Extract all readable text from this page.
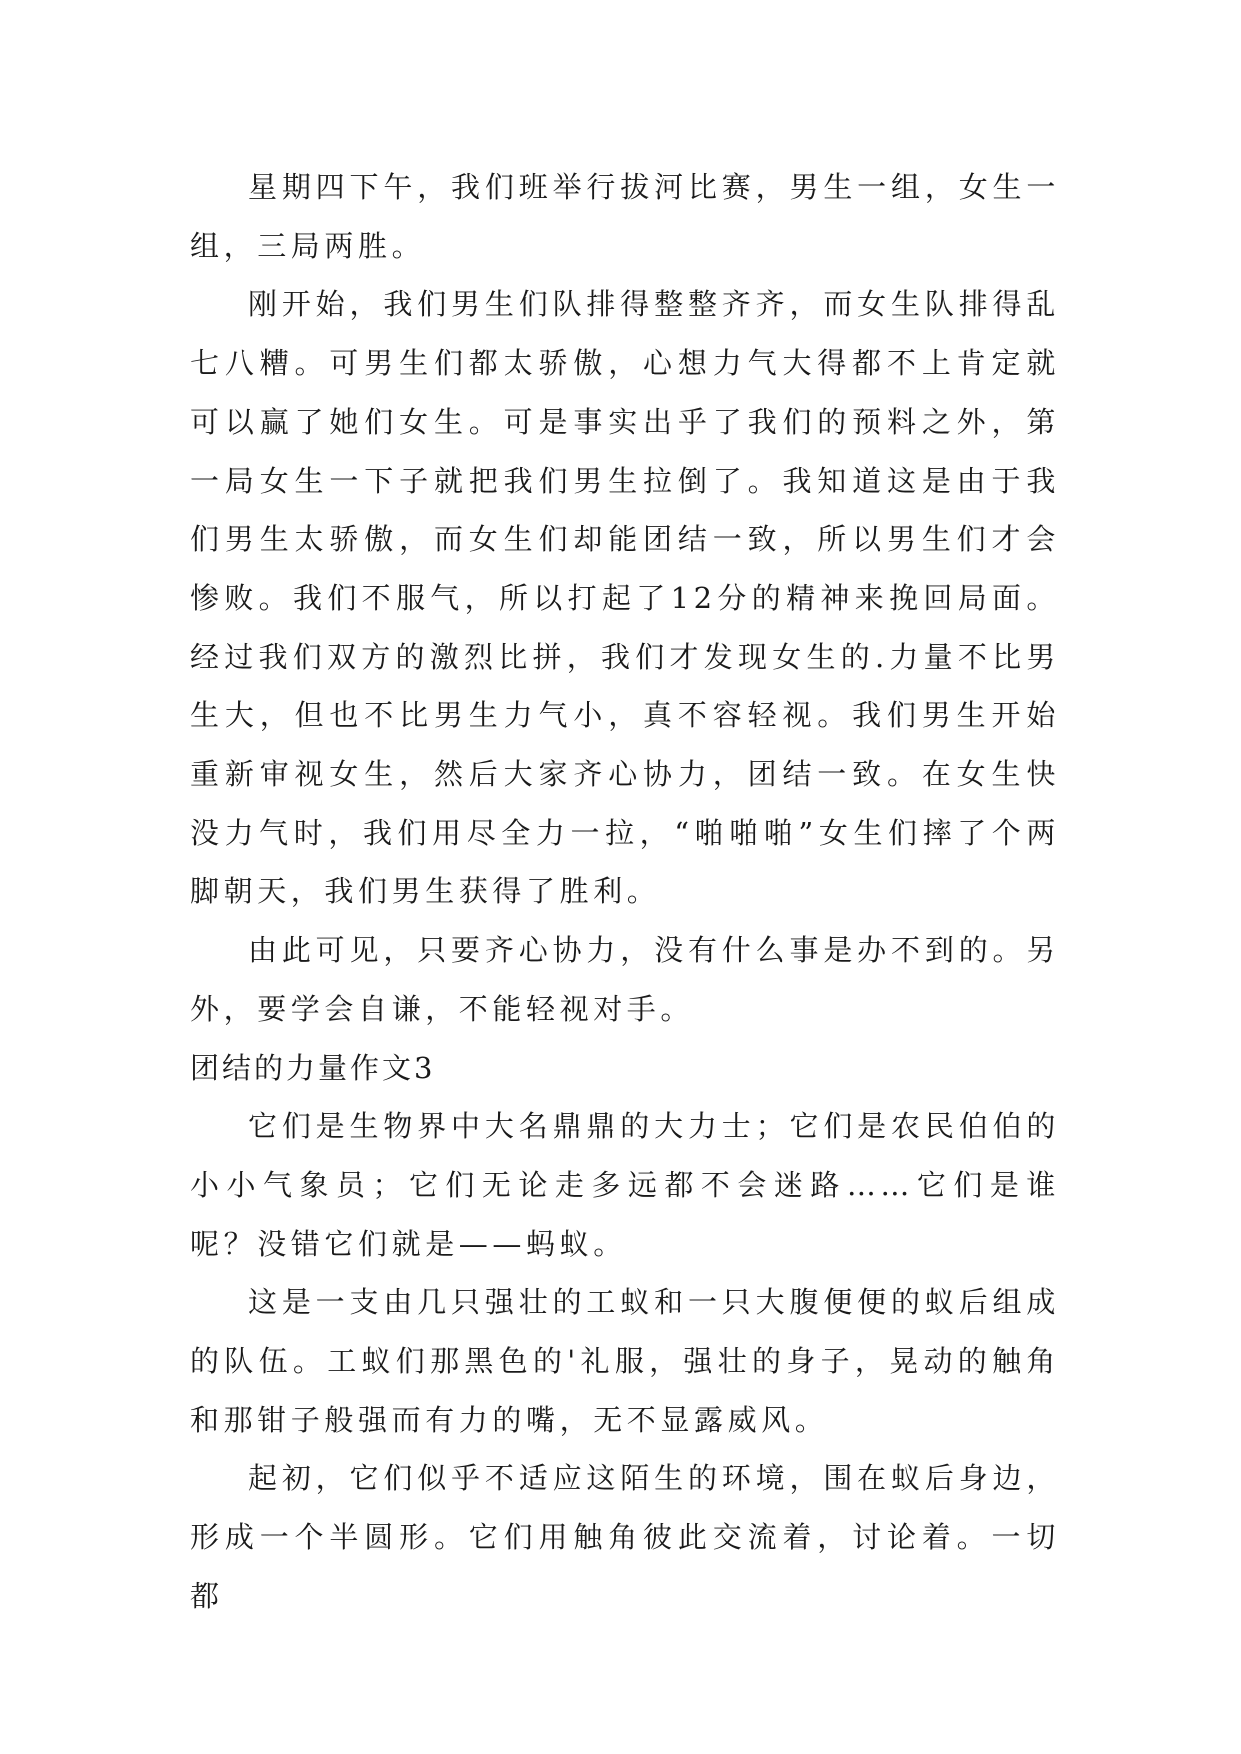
星期四下午，我们班举行拔河比赛，男生一组，女生一组，三局两胜。

刚开始，我们男生们队排得整整齐齐，而女生队排得乱七八糟。可男生们都太骄傲，心想力气大得都不上肯定就可以赢了她们女生。可是事实出乎了我们的预料之外，第一局女生一下子就把我们男生拉倒了。我知道这是由于我们男生太骄傲，而女生们却能团结一致，所以男生们才会惨败。我们不服气，所以打起了12分的精神来挽回局面。经过我们双方的激烈比拼，我们才发现女生的.力量不比男生大，但也不比男生力气小，真不容轻视。我们男生开始重新审视女生，然后大家齐心协力，团结一致。在女生快没力气时，我们用尽全力一拉，“啪啪啪”女生们摔了个两脚朝天，我们男生获得了胜利。

由此可见，只要齐心协力，没有什么事是办不到的。另外，要学会自谦，不能轻视对手。

团结的力量作文3

它们是生物界中大名鼎鼎的大力士；它们是农民伯伯的小小气象员；它们无论走多远都不会迷路……它们是谁呢？没错它们就是——蚂蚁。

这是一支由几只强壮的工蚁和一只大腹便便的蚁后组成的队伍。工蚁们那黑色的'礼服，强壮的身子，晃动的触角和那钳子般强而有力的嘴，无不显露威风。

起初，它们似乎不适应这陌生的环境，围在蚁后身边，形成一个半圆形。它们用触角彼此交流着，讨论着。一切都
